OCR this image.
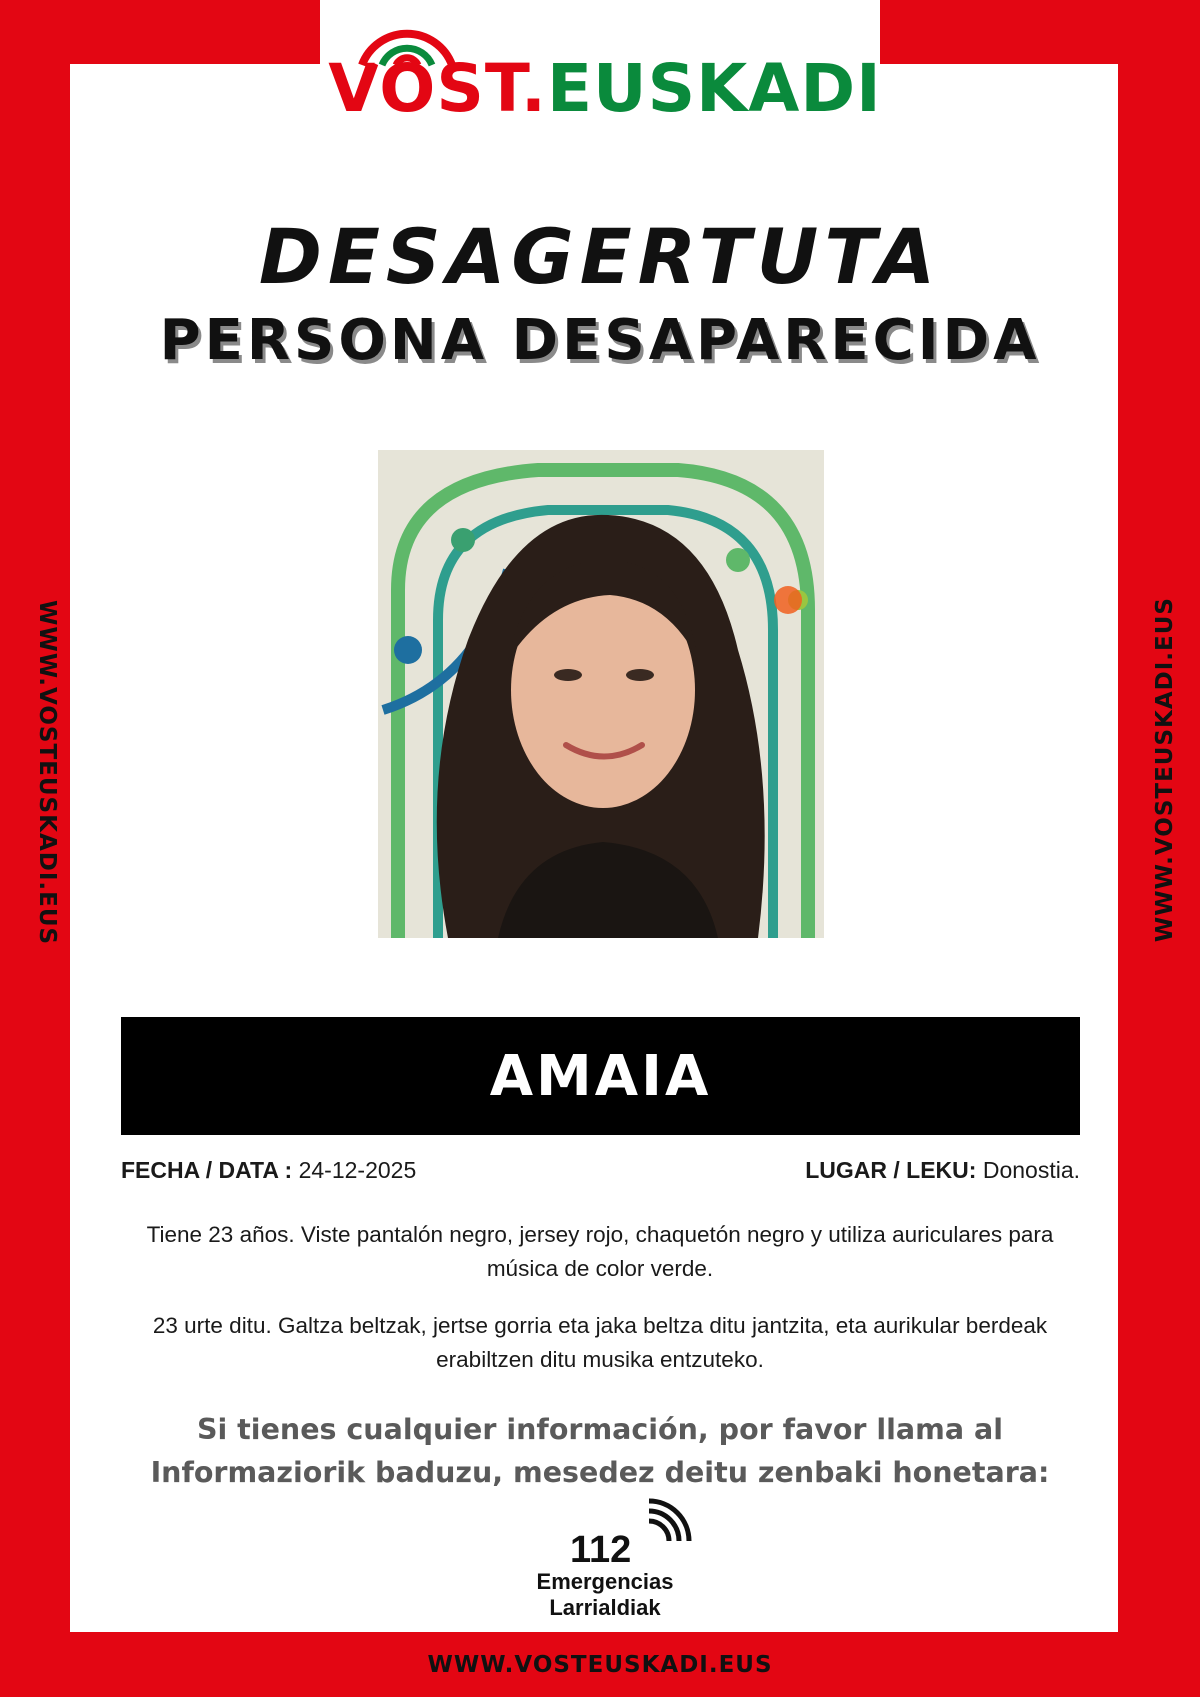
VOST.EUSKADI
DESAGERTUTA
PERSONA DESAPARECIDA
AMAIA
FECHA / DATA : 24-12-2025	LUGAR / LEKU: Donostia.
Tiene 23 años. Viste pantalón negro, jersey rojo, chaquetón negro y utiliza auriculares para música de color verde.
23 urte ditu. Galtza beltzak, jertse gorria eta jaka beltza ditu jantzita, eta aurikular berdeak erabiltzen ditu musika entzuteko.
Si tienes cualquier información, por favor llama al
Informaziorik baduzu, mesedez deitu zenbaki honetara:
112
Emergencias
Larrialdiak
WWW.VOSTEUSKADI.EUS	WWW.VOSTEUSKADI.EUS
WWW.VOSTEUSKADI.EUS
